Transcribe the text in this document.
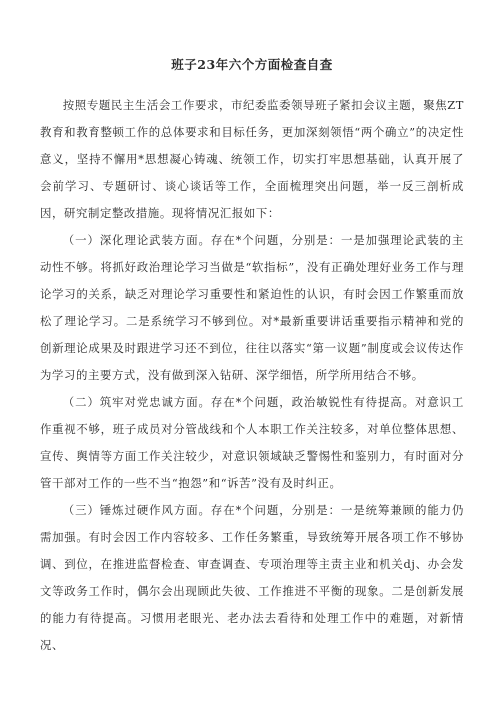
班子23年六个方面检查自查

按照专题民主生活会工作要求，市纪委监委领导班子紧扣会议主题，聚焦ZT教育和教育整顿工作的总体要求和目标任务，更加深刻领悟“两个确立”的决定性意义，坚持不懈用*思想凝心铸魂、统领工作，切实打牢思想基础，认真开展了会前学习、专题研讨、谈心谈话等工作，全面梳理突出问题，举一反三剖析成因，研究制定整改措施。现将情况汇报如下：

（一）深化理论武装方面。存在*个问题，分别是：一是加强理论武装的主动性不够。将抓好政治理论学习当做是“软指标”，没有正确处理好业务工作与理论学习的关系，缺乏对理论学习重要性和紧迫性的认识，有时会因工作繁重而放松了理论学习。二是系统学习不够到位。对*最新重要讲话重要指示精神和党的创新理论成果及时跟进学习还不到位，往往以落实“第一议题”制度或会议传达作为学习的主要方式，没有做到深入钻研、深学细悟，所学所用结合不够。

（二）筑牢对党忠诚方面。存在*个问题，政治敏锐性有待提高。对意识工作重视不够，班子成员对分管战线和个人本职工作关注较多，对单位整体思想、宣传、舆情等方面工作关注较少，对意识领域缺乏警惕性和鉴别力，有时面对分管干部对工作的一些不当“抱怨”和“诉苦”没有及时纠正。

（三）锤炼过硬作风方面。存在*个问题，分别是：一是统筹兼顾的能力仍需加强。有时会因工作内容较多、工作任务繁重，导致统筹开展各项工作不够协调、到位，在推进监督检查、审查调查、专项治理等主责主业和机关dj、办会发文等政务工作时，偶尔会出现顾此失彼、工作推进不平衡的现象。二是创新发展的能力有待提高。习惯用老眼光、老办法去看待和处理工作中的难题，对新情况、
